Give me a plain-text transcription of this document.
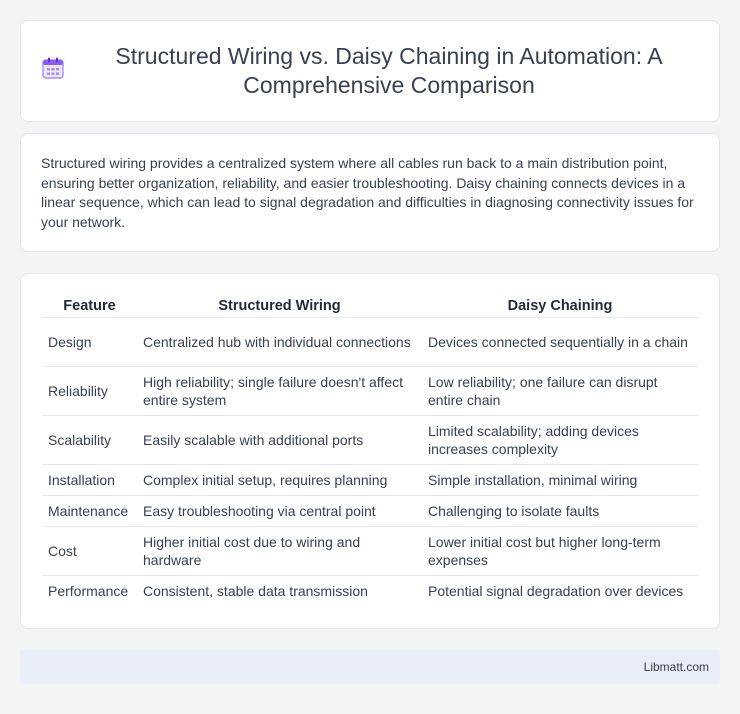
Structured Wiring vs. Daisy Chaining in Automation: A Comprehensive Comparison

Structured wiring provides a centralized system where all cables run back to a main distribution point, ensuring better organization, reliability, and easier troubleshooting. Daisy chaining connects devices in a linear sequence, which can lead to signal degradation and difficulties in diagnosing connectivity issues for your network.

Feature	Structured Wiring	Daisy Chaining
Design	Centralized hub with individual connections	Devices connected sequentially in a chain
Reliability	High reliability; single failure doesn't affect entire system	Low reliability; one failure can disrupt entire chain
Scalability	Easily scalable with additional ports	Limited scalability; adding devices increases complexity
Installation	Complex initial setup, requires planning	Simple installation, minimal wiring
Maintenance	Easy troubleshooting via central point	Challenging to isolate faults
Cost	Higher initial cost due to wiring and hardware	Lower initial cost but higher long-term expenses
Performance	Consistent, stable data transmission	Potential signal degradation over devices
Libmatt.com
